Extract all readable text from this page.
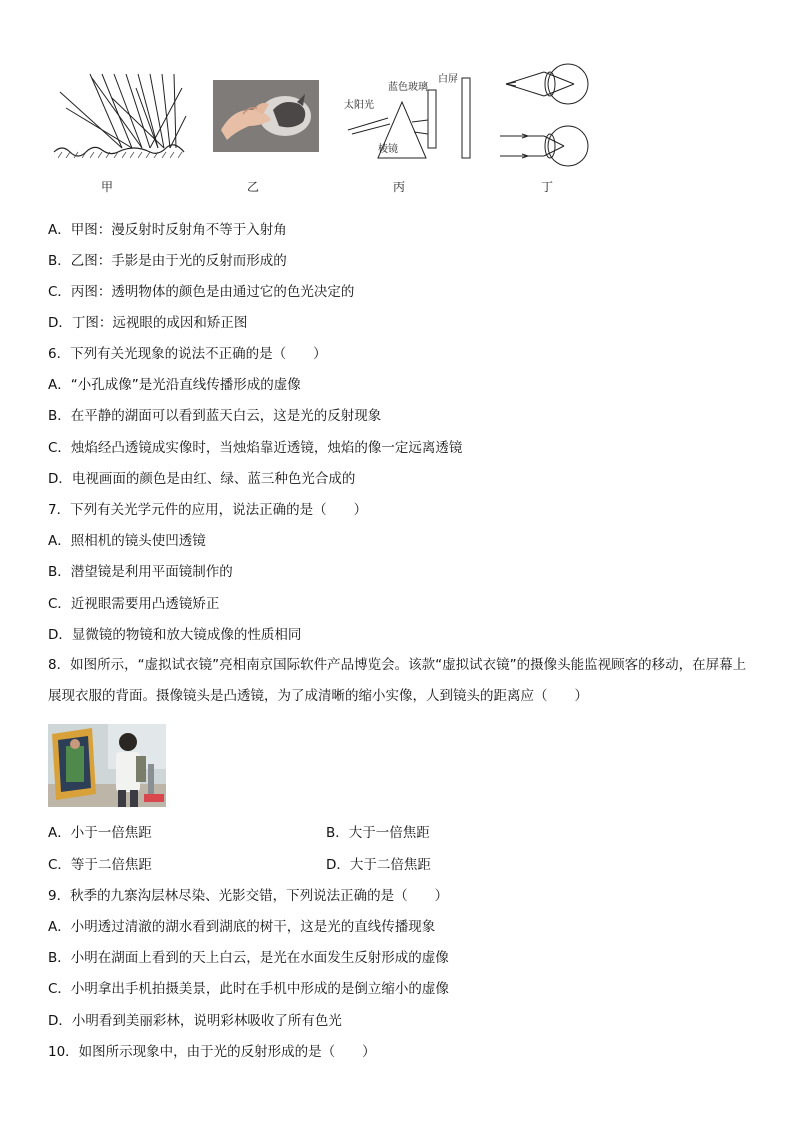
甲	乙
太阳光
蓝色玻璃
白屏
棱镜
丙	丁
A．甲图：漫反射时反射角不等于入射角
B．乙图：手影是由于光的反射而形成的
C．丙图：透明物体的颜色是由通过它的色光决定的
D．丁图：远视眼的成因和矫正图
6．下列有关光现象的说法不正确的是（　　）
A．“小孔成像”是光沿直线传播形成的虚像
B．在平静的湖面可以看到蓝天白云，这是光的反射现象
C．烛焰经凸透镜成实像时，当烛焰靠近透镜，烛焰的像一定远离透镜
D．电视画面的颜色是由红、绿、蓝三种色光合成的
7．下列有关光学元件的应用，说法正确的是（　　）
A．照相机的镜头使凹透镜
B．潜望镜是利用平面镜制作的
C．近视眼需要用凸透镜矫正
D．显微镜的物镜和放大镜成像的性质相同
8．如图所示，“虚拟试衣镜”亮相南京国际软件产品博览会。该款“虚拟试衣镜”的摄像头能监视顾客的移动，在屏幕上展现衣服的背面。摄像镜头是凸透镜，为了成清晰的缩小实像，人到镜头的距离应（　　）
A．小于一倍焦距	B．大于一倍焦距
C．等于二倍焦距	D．大于二倍焦距
9．秋季的九寨沟层林尽染、光影交错，下列说法正确的是（　　）
A．小明透过清澈的湖水看到湖底的树干，这是光的直线传播现象
B．小明在湖面上看到的天上白云，是光在水面发生反射形成的虚像
C．小明拿出手机拍摄美景，此时在手机中形成的是倒立缩小的虚像
D．小明看到美丽彩林，说明彩林吸收了所有色光
10．如图所示现象中，由于光的反射形成的是（　　）
